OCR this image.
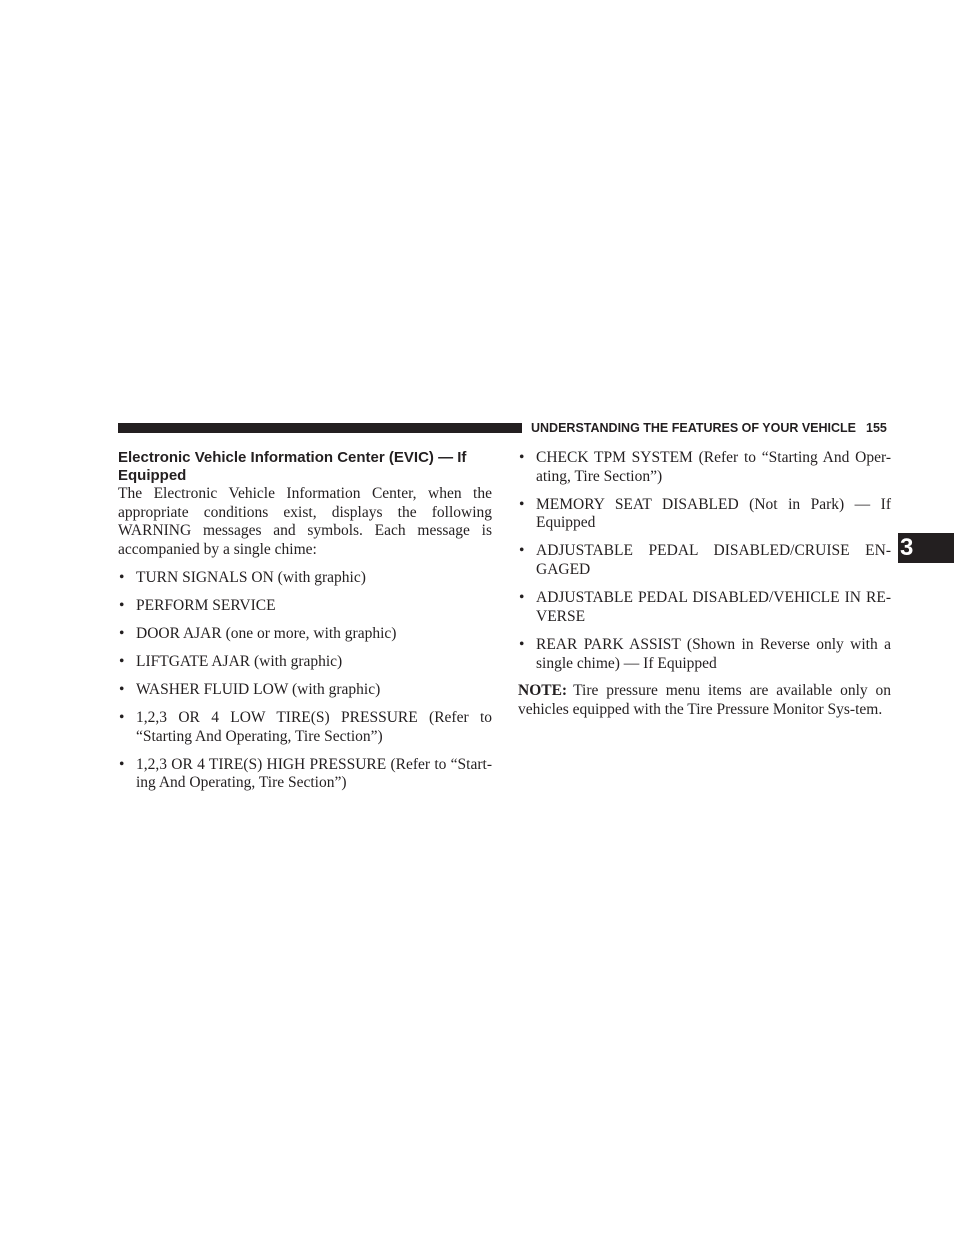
UNDERSTANDING THE FEATURES OF YOUR VEHICLE 155
3
Electronic Vehicle Information Center (EVIC) — If Equipped

The Electronic Vehicle Information Center, when the appropriate conditions exist, displays the following WARNING messages and symbols. Each message is accompanied by a single chime:

• TURN SIGNALS ON (with graphic)
• PERFORM SERVICE
• DOOR AJAR (one or more, with graphic)
• LIFTGATE AJAR (with graphic)
• WASHER FLUID LOW (with graphic)
• 1,2,3 OR 4 LOW TIRE(S) PRESSURE (Refer to “Starting And Operating, Tire Section”)
• 1,2,3 OR 4 TIRE(S) HIGH PRESSURE (Refer to “Start-ing And Operating, Tire Section”)
• CHECK TPM SYSTEM (Refer to “Starting And Oper-ating, Tire Section”)
• MEMORY SEAT DISABLED (Not in Park) — If Equipped
• ADJUSTABLE PEDAL DISABLED/CRUISE EN-GAGED
• ADJUSTABLE PEDAL DISABLED/VEHICLE IN RE-VERSE
• REAR PARK ASSIST (Shown in Reverse only with a single chime) — If Equipped

NOTE: Tire pressure menu items are available only on vehicles equipped with the Tire Pressure Monitor Sys-tem.
